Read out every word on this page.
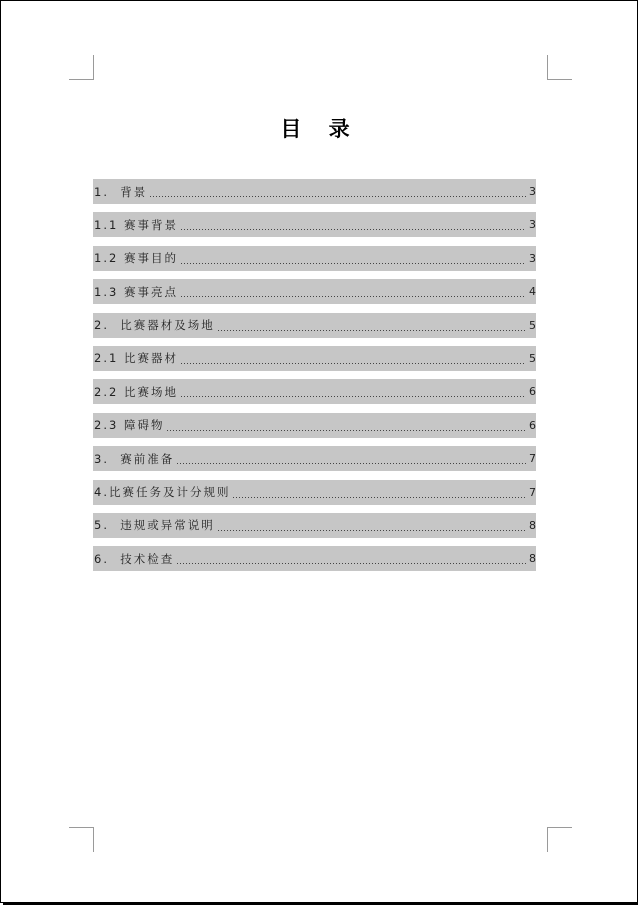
目 录
1.  背景	3
1.1 赛事背景	3
1.2 赛事目的	3
1.3 赛事亮点	4
2.  比赛器材及场地	5
2.1 比赛器材	5
2.2 比赛场地	6
2.3 障碍物	6
3.  赛前准备	7
4.比赛任务及计分规则	7
5.  违规或异常说明	8
6.  技术检查	8
